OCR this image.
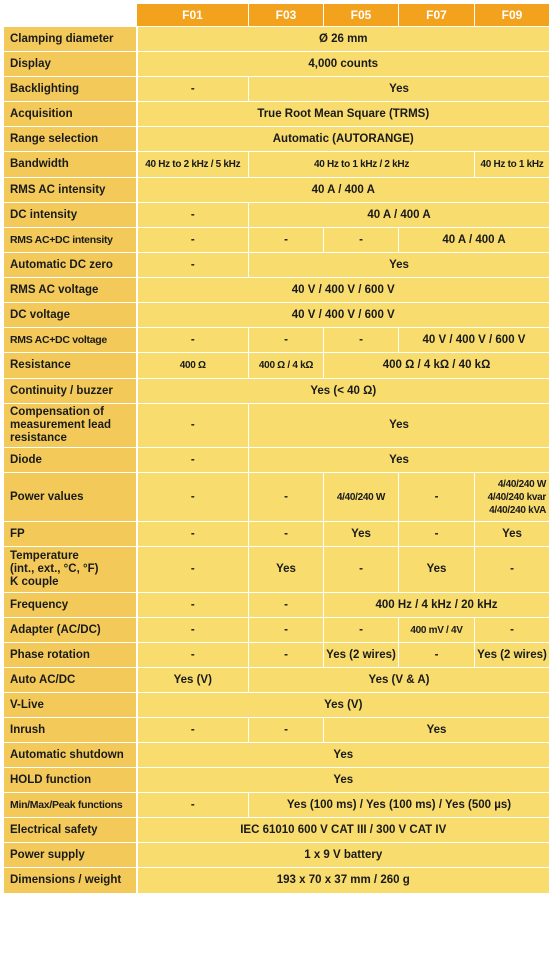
	F01	F03	F05	F07	F09
Clamping diameter	Ø 26 mm				
Display	4,000 counts				
Backlighting	-	Yes			
Acquisition	True Root Mean Square (TRMS)				
Range selection	Automatic (AUTORANGE)				
Bandwidth	40 Hz to 2 kHz / 5 kHz	40 Hz to 1 kHz / 2 kHz			40 Hz to 1 kHz
RMS AC intensity	40 A / 400 A				
DC intensity	-	40 A / 400 A			
RMS AC+DC intensity	-	-	-	40 A / 400 A	
Automatic DC zero	-	Yes			
RMS AC voltage	40 V / 400 V / 600 V				
DC voltage	40 V / 400 V / 600 V				
RMS AC+DC voltage	-	-	-	40 V / 400 V / 600 V	
Resistance	400 Ω	400 Ω / 4 kΩ	400 Ω / 4 kΩ / 40 kΩ		
Continuity / buzzer	Yes (< 40 Ω)				
Compensation of measurement lead resistance	-	Yes			
Diode	-	Yes			
Power values	-	-	4/40/240 W	-	4/40/240 W
4/40/240 kvar
4/40/240 kVA
FP	-	-	Yes	-	Yes
Temperature
(int., ext., °C, °F)
K couple	-	Yes	-	Yes	-
Frequency	-	-	400 Hz / 4 kHz / 20 kHz		
Adapter (AC/DC)	-	-	-	400 mV / 4V	-
Phase rotation	-	-	Yes (2 wires)	-	Yes (2 wires)
Auto AC/DC	Yes (V)	Yes (V & A)			
V-Live	Yes (V)				
Inrush	-	-	Yes		
Automatic shutdown	Yes				
HOLD function	Yes				
Min/Max/Peak functions	-	Yes (100 ms) / Yes (100 ms) / Yes (500 µs)			
Electrical safety	IEC 61010 600 V CAT III / 300 V CAT IV				
Power supply	1 x 9 V battery				
Dimensions / weight	193 x 70 x 37 mm / 260 g				
